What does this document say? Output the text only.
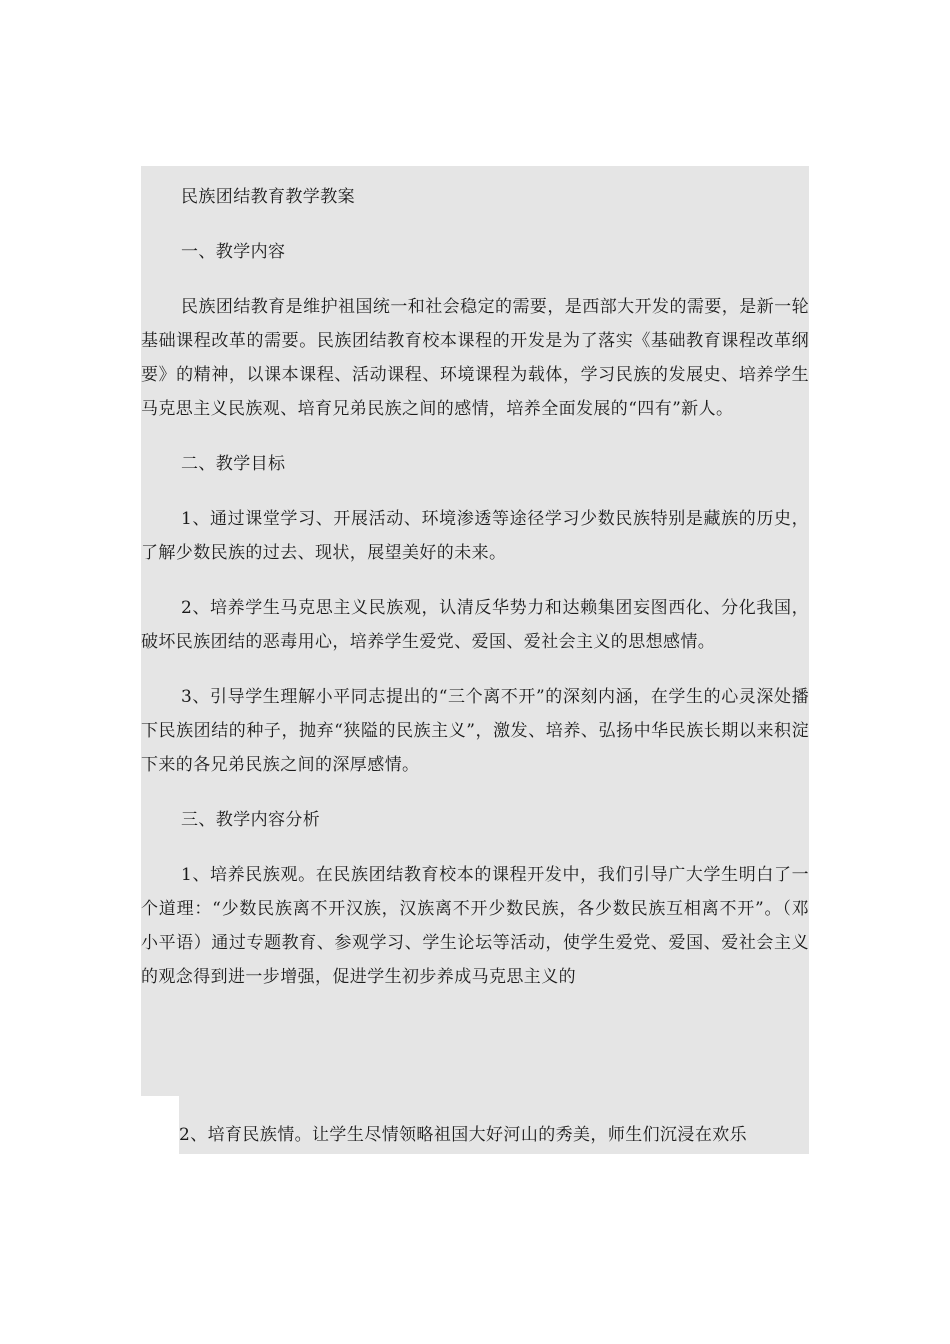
民族团结教育教学教案

一、教学内容

民族团结教育是维护祖国统一和社会稳定的需要，是西部大开发的需要，是新一轮基础课程改革的需要。民族团结教育校本课程的开发是为了落实《基础教育课程改革纲要》的精神，以课本课程、活动课程、环境课程为载体，学习民族的发展史、培养学生马克思主义民族观、培育兄弟民族之间的感情，培养全面发展的“四有”新人。

二、教学目标

1、通过课堂学习、开展活动、环境渗透等途径学习少数民族特别是藏族的历史，了解少数民族的过去、现状，展望美好的未来。

2、培养学生马克思主义民族观，认清反华势力和达赖集团妄图西化、分化我国，破坏民族团结的恶毒用心，培养学生爱党、爱国、爱社会主义的思想感情。

3、引导学生理解小平同志提出的“三个离不开”的深刻内涵，在学生的心灵深处播下民族团结的种子，抛弃“狭隘的民族主义”，激发、培养、弘扬中华民族长期以来积淀下来的各兄弟民族之间的深厚感情。

三、教学内容分析

1、培养民族观。在民族团结教育校本的课程开发中，我们引导广大学生明白了一个道理：“少数民族离不开汉族，汉族离不开少数民族，各少数民族互相离不开”。（邓小平语）通过专题教育、参观学习、学生论坛等活动，使学生爱党、爱国、爱社会主义的观念得到进一步增强，促进学生初步养成马克思主义的

2、培育民族情。让学生尽情领略祖国大好河山的秀美，师生们沉浸在欢乐
